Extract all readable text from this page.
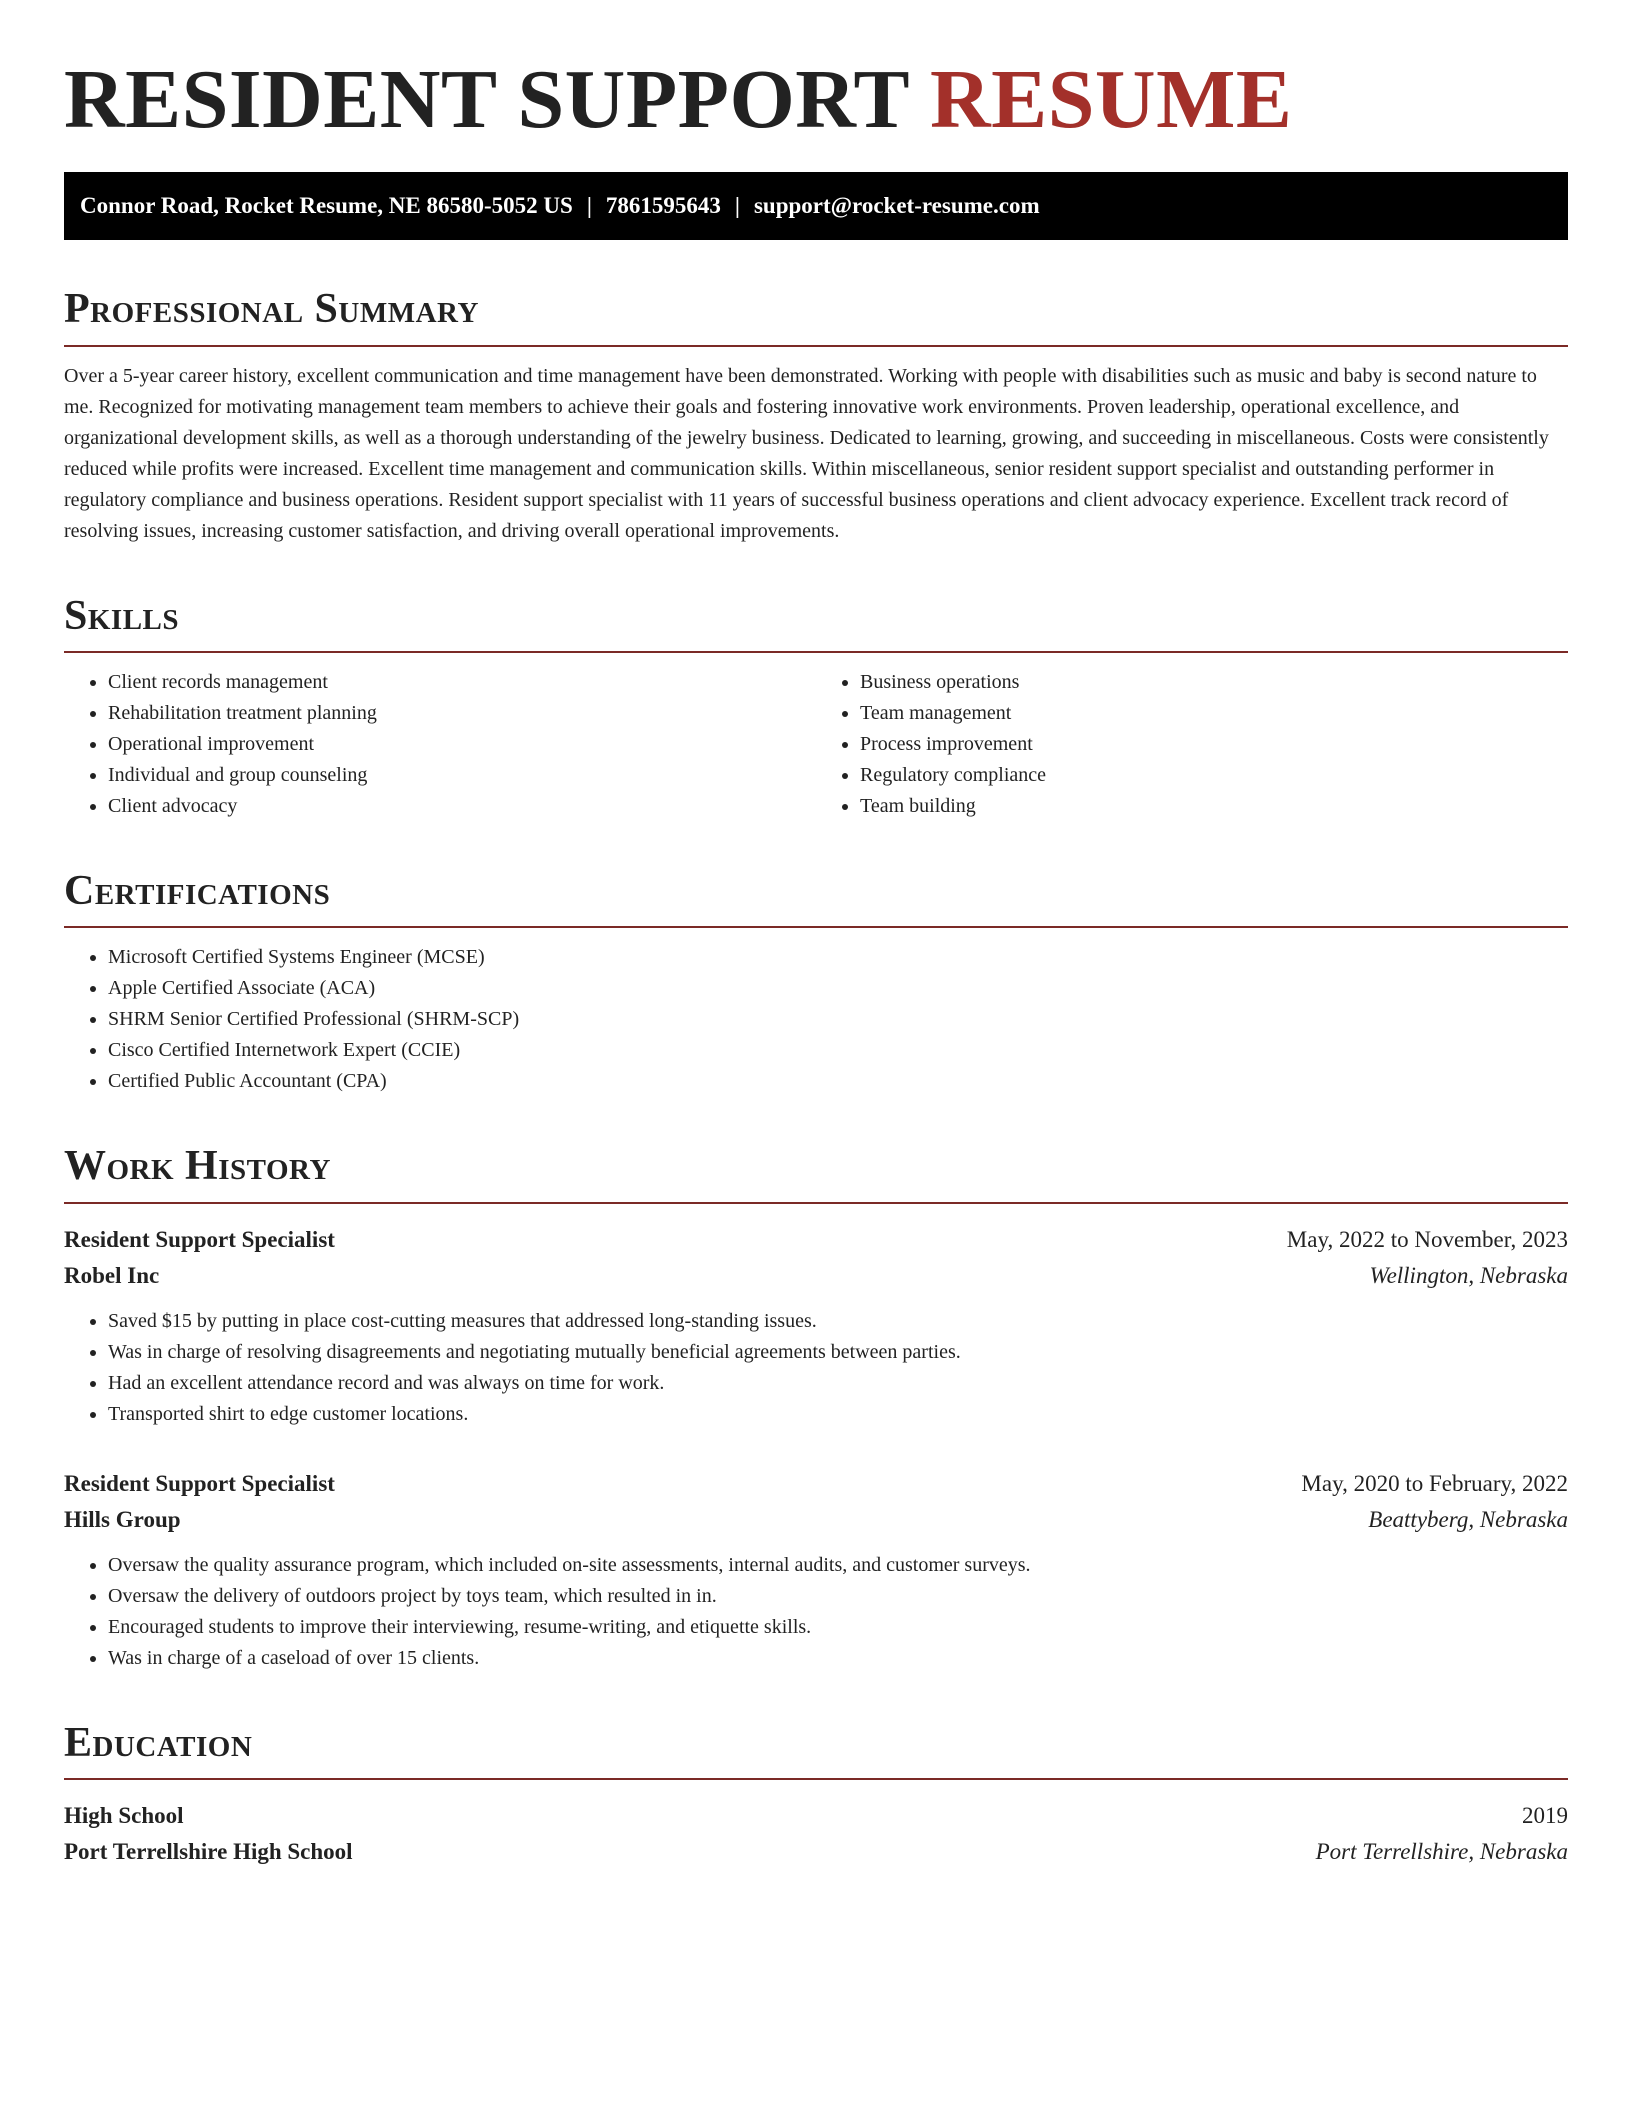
RESIDENT SUPPORT RESUME
Connor Road, Rocket Resume, NE 86580-5052 US | 7861595643 | support@rocket-resume.com
Professional Summary

Over a 5-year career history, excellent communication and time management have been demonstrated. Working with people with disabilities such as music and baby is second nature to me. Recognized for motivating management team members to achieve their goals and fostering innovative work environments. Proven leadership, operational excellence, and organizational development skills, as well as a thorough understanding of the jewelry business. Dedicated to learning, growing, and succeeding in miscellaneous. Costs were consistently reduced while profits were increased. Excellent time management and communication skills. Within miscellaneous, senior resident support specialist and outstanding performer in regulatory compliance and business operations. Resident support specialist with 11 years of successful business operations and client advocacy experience. Excellent track record of resolving issues, increasing customer satisfaction, and driving overall operational improvements.

Skills
• Client records management
• Rehabilitation treatment planning
• Operational improvement
• Individual and group counseling
• Client advocacy
• Business operations
• Team management
• Process improvement
• Regulatory compliance
• Team building
Certifications
• Microsoft Certified Systems Engineer (MCSE)
• Apple Certified Associate (ACA)
• SHRM Senior Certified Professional (SHRM-SCP)
• Cisco Certified Internetwork Expert (CCIE)
• Certified Public Accountant (CPA)
Work History
Resident Support Specialist	May, 2022 to November, 2023
Robel Inc	Wellington, Nebraska
• Saved $15 by putting in place cost-cutting measures that addressed long-standing issues.
• Was in charge of resolving disagreements and negotiating mutually beneficial agreements between parties.
• Had an excellent attendance record and was always on time for work.
• Transported shirt to edge customer locations.
Resident Support Specialist	May, 2020 to February, 2022
Hills Group	Beattyberg, Nebraska
• Oversaw the quality assurance program, which included on-site assessments, internal audits, and customer surveys.
• Oversaw the delivery of outdoors project by toys team, which resulted in in.
• Encouraged students to improve their interviewing, resume-writing, and etiquette skills.
• Was in charge of a caseload of over 15 clients.
Education
High School	2019
Port Terrellshire High School	Port Terrellshire, Nebraska
